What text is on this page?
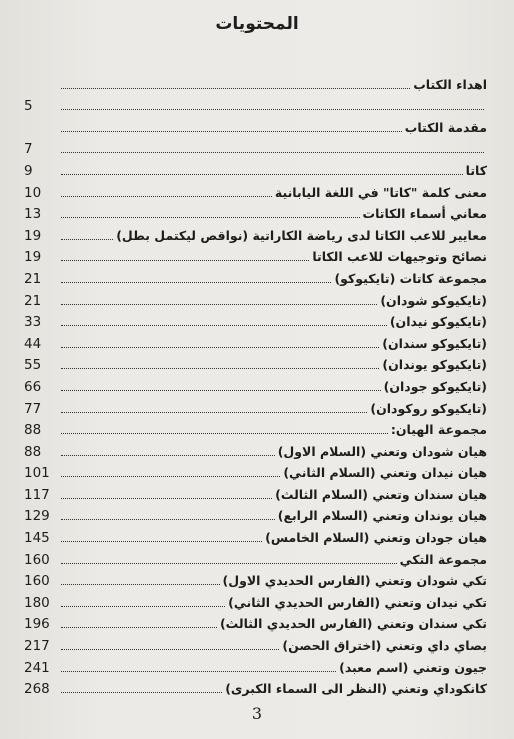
المحتويات
اهداء الكتاب
5
مقدمة الكتاب
7
كاتا
9
معنى كلمة "كاتا" في اللغة اليابانية
10
معاني أسماء الكاتات
13
معايير للاعب الكاتا لدى رياضة الكاراتية (نواقص ليكتمل بطل)
19
نصائح وتوجيهات للاعب الكاتا
19
مجموعة كاتات (تايكيوكو)
21
(تايكيوكو شودان)
21
(تايكيوكو نيدان)
33
(تايكيوكو سندان)
44
(تايكيوكو يوندان)
55
(تايكيوكو جودان)
66
(تايكيوكو روكودان)
77
مجموعة الهيان:
88
هيان شودان وتعني (السلام الاول)
88
هيان نيدان وتعني (السلام الثاني)
101
هيان سندان وتعني (السلام الثالث)
117
هيان يوندان وتعني (السلام الرابع)
129
هيان جودان وتعني (السلام الخامس)
145
مجموعة التكي
160
تكي شودان وتعني (الفارس الحديدي الاول)
160
تكي نيدان وتعني (الفارس الحديدي الثاني)
180
تكي سندان وتعني (الفارس الحديدي الثالث)
196
بصاي داي وتعني (اختراق الحصن)
217
جيون وتعني (اسم معبد)
241
كانكوداي وتعني (النظر الى السماء الكبرى)
268
3
